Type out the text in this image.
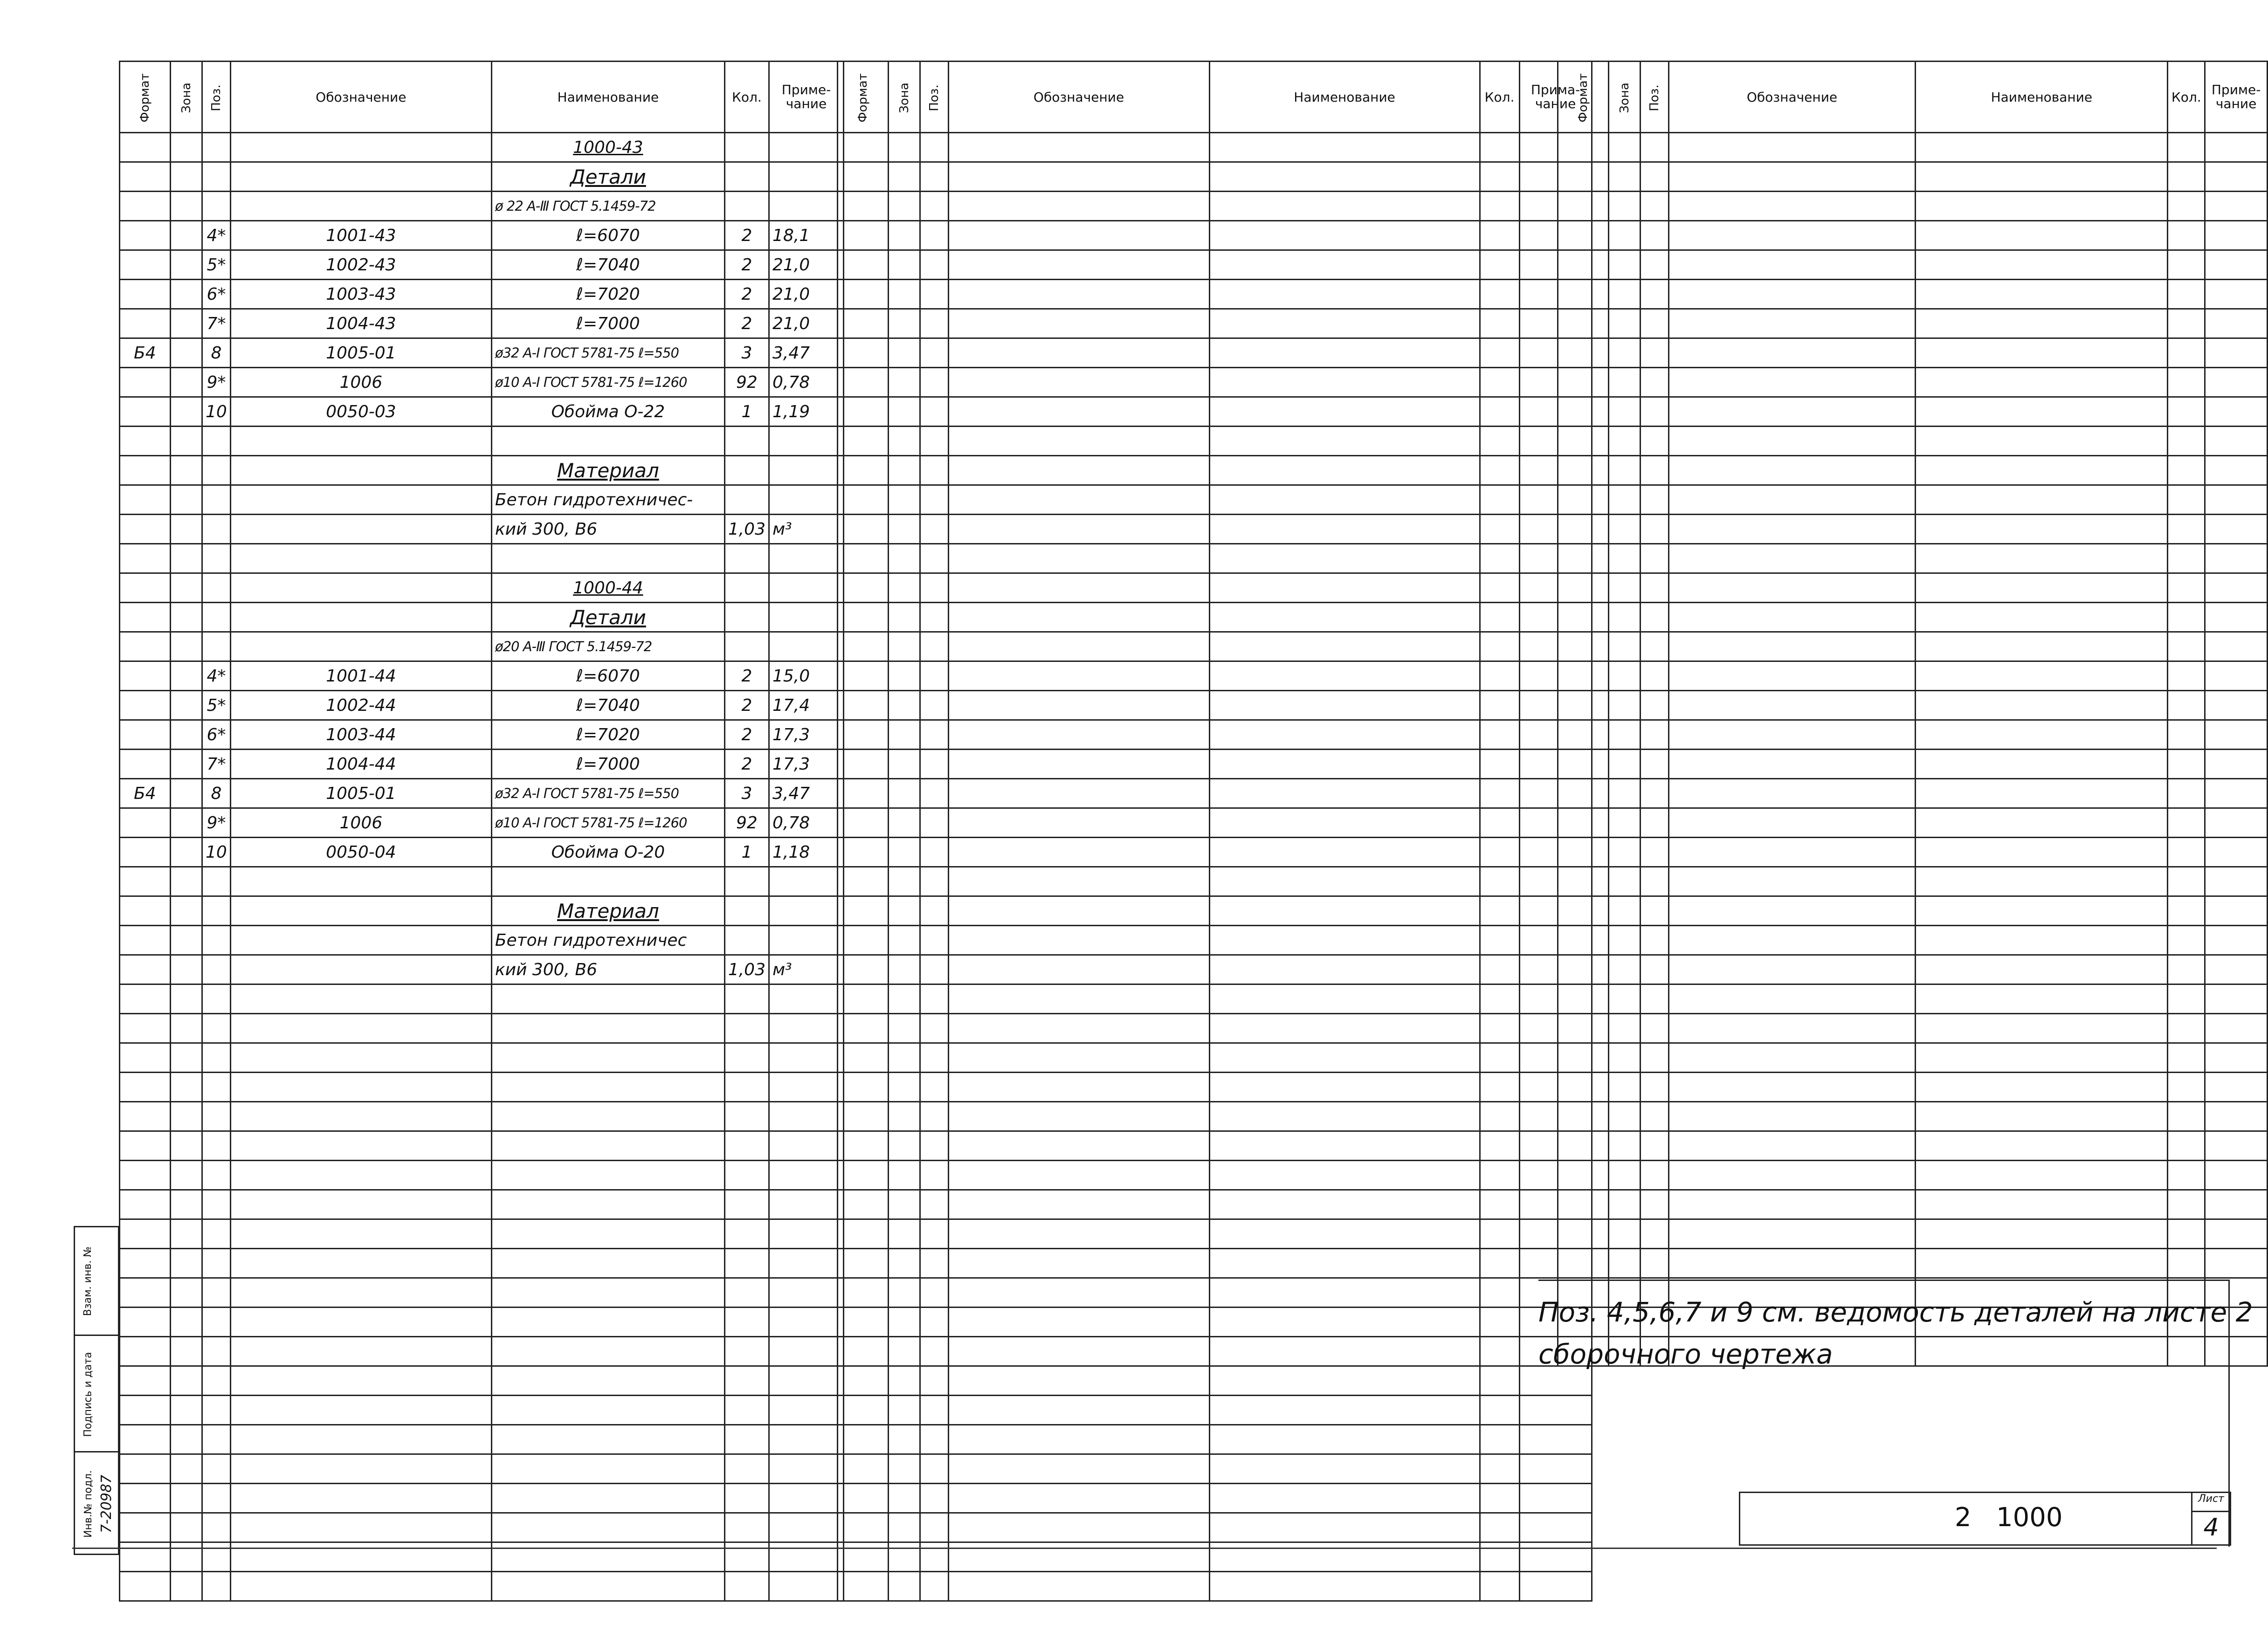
Формат	Зона	Поз.	Обозначение	Наименование	Кол.	Приме-
чание
				1000-43		
				Детали		
				ø 22 А-Ⅲ ГОСТ 5.1459-72		
		4*	1001-43	ℓ=6070	2	18,1
		5*	1002-43	ℓ=7040	2	21,0
		6*	1003-43	ℓ=7020	2	21,0
		7*	1004-43	ℓ=7000	2	21,0
Б4		8	1005-01	ø32 А-I ГОСТ 5781-75 ℓ=550	3	3,47
		9*	1006	ø10 А-I ГОСТ 5781-75 ℓ=1260	92	0,78
		10	0050-03	Обойма О-22	1	1,19

				Материал		
				Бетон гидротехничес-		
				кий 300, В6	1,03	м³

				1000-44		
				Детали		
				ø20 А-Ⅲ ГОСТ 5.1459-72		
		4*	1001-44	ℓ=6070	2	15,0
		5*	1002-44	ℓ=7040	2	17,4
		6*	1003-44	ℓ=7020	2	17,3
		7*	1004-44	ℓ=7000	2	17,3
Б4		8	1005-01	ø32 А-I ГОСТ 5781-75 ℓ=550	3	3,47
		9*	1006	ø10 А-I ГОСТ 5781-75 ℓ=1260	92	0,78
		10	0050-04	Обойма О-20	1	1,18

				Материал		
				Бетон гидротехничес		
				кий 300, В6	1,03	м³

Формат	Зона	Поз.	Обозначение	Наименование	Кол.	Прима-
чание

						Формат	Зона	Поз.	Обозначение	Наименование	Кол.	Приме-
чание

Взам. инв. №
Подпись и дата
Инв.№ подл. 7-20987
Поз. 4,5,6,7 и 9 см. ведомость деталей на листе 2
сборочного чертежа
2   1000
Лист
4
